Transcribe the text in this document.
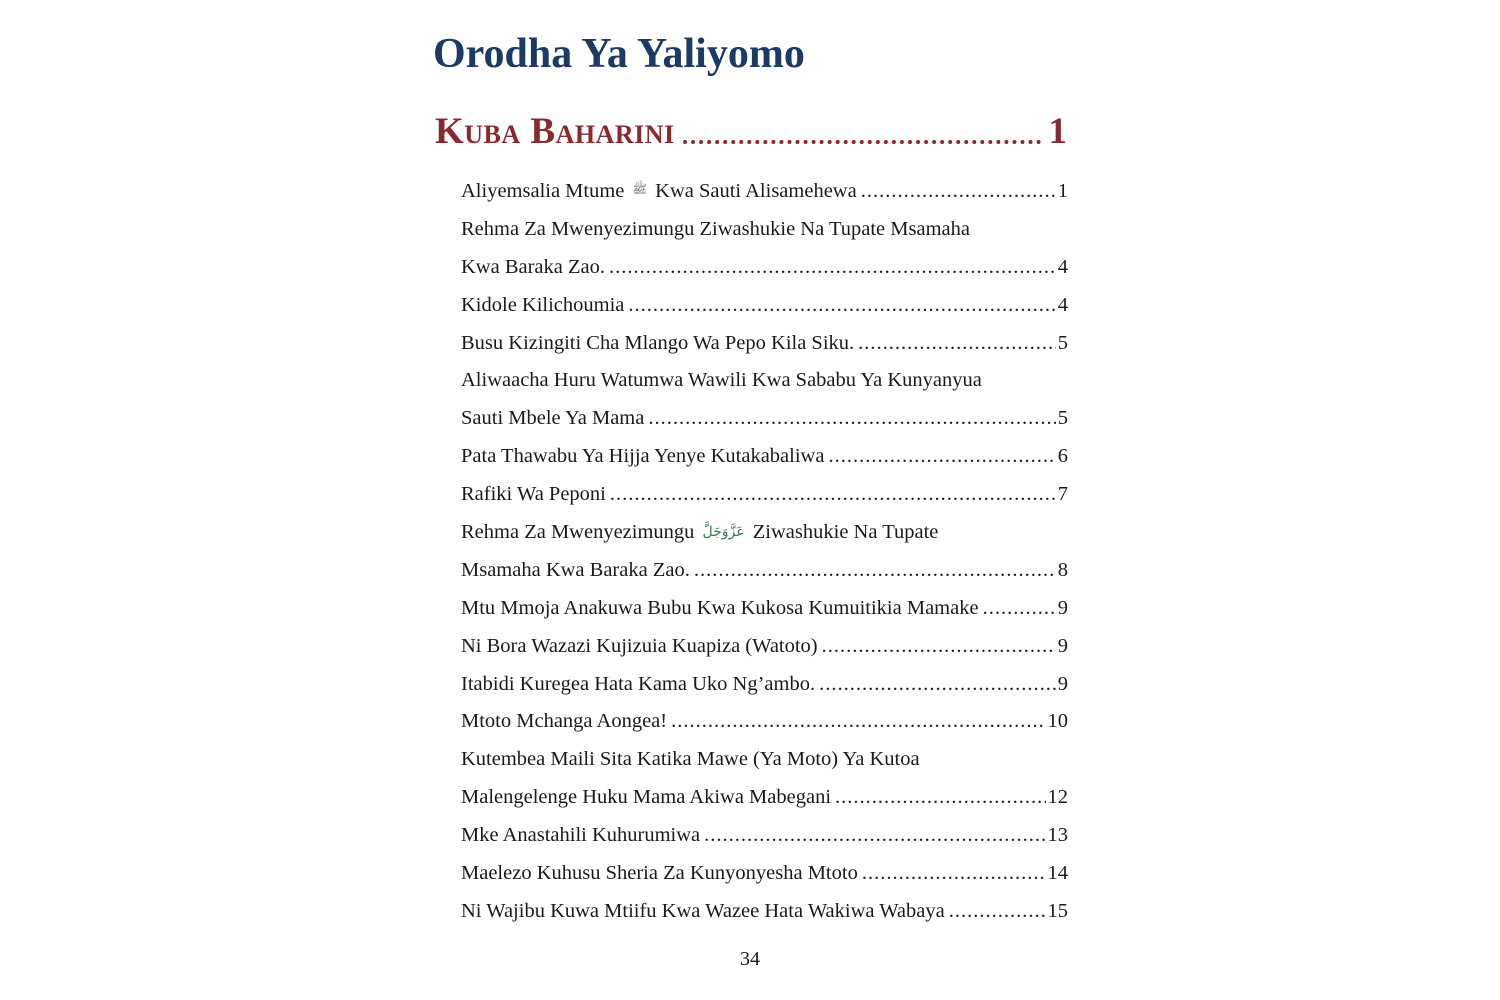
Orodha Ya Yaliyomo
Kuba Baharini	1
Aliyemsalia Mtume ﷺ Kwa Sauti Alisamehewa .....	1
Rehma Za Mwenyezimungu Ziwashukie Na Tupate Msamaha
Kwa Baraka Zao. .....	4
Kidole Kilichoumia .....	4
Busu Kizingiti Cha Mlango Wa Pepo Kila Siku. .....	5
Aliwaacha Huru Watumwa Wawili Kwa Sababu Ya Kunyanyua
Sauti Mbele Ya Mama .....	5
Pata Thawabu Ya Hijja Yenye Kutakabaliwa .....	6
Rafiki Wa Peponi .....	7
Rehma Za Mwenyezimungu عَزَّوَجَلَّ Ziwashukie Na Tupate
Msamaha Kwa Baraka Zao. .....	8
Mtu Mmoja Anakuwa Bubu Kwa Kukosa Kumuitikia Mamake .....	9
Ni Bora Wazazi Kujizuia Kuapiza (Watoto) .....	9
Itabidi Kuregea Hata Kama Uko Ng’ambo. .....	9
Mtoto Mchanga Aongea! .....	10
Kutembea Maili Sita Katika Mawe (Ya Moto) Ya Kutoa
Malengelenge Huku Mama Akiwa Mabegani .....	12
Mke Anastahili Kuhurumiwa .....	13
Maelezo Kuhusu Sheria Za Kunyonyesha Mtoto .....	14
Ni Wajibu Kuwa Mtiifu Kwa Wazee Hata Wakiwa Wabaya .....	15
34
